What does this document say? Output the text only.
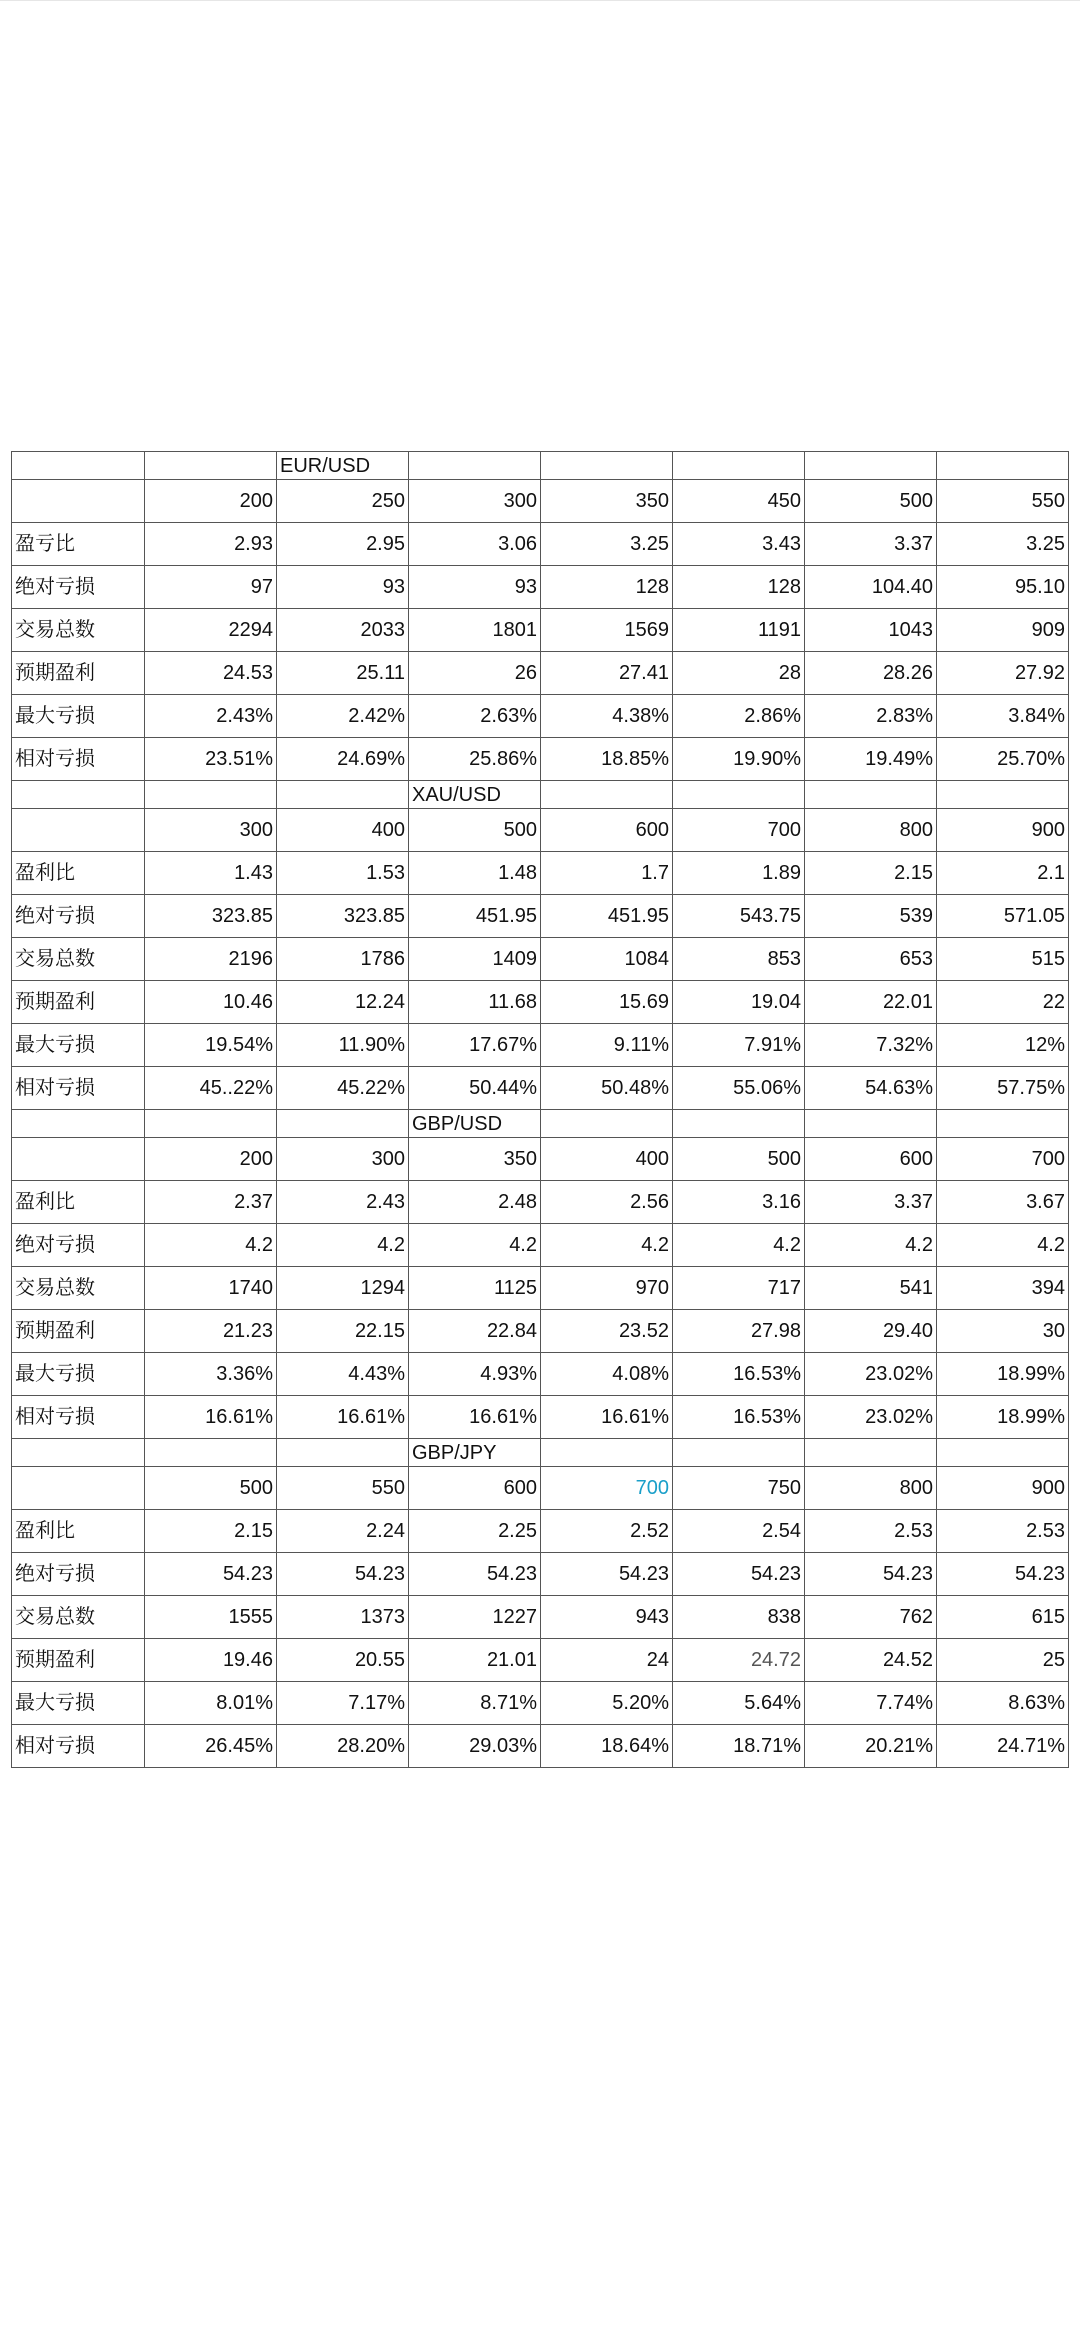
		EUR/USD					
	200	250	300	350	450	500	550
盈亏比	2.93	2.95	3.06	3.25	3.43	3.37	3.25
绝对亏损	97	93	93	128	128	104.40	95.10
交易总数	2294	2033	1801	1569	1191	1043	909
预期盈利	24.53	25.11	26	27.41	28	28.26	27.92
最大亏损	2.43%	2.42%	2.63%	4.38%	2.86%	2.83%	3.84%
相对亏损	23.51%	24.69%	25.86%	18.85%	19.90%	19.49%	25.70%
			XAU/USD				
	300	400	500	600	700	800	900
盈利比	1.43	1.53	1.48	1.7	1.89	2.15	2.1
绝对亏损	323.85	323.85	451.95	451.95	543.75	539	571.05
交易总数	2196	1786	1409	1084	853	653	515
预期盈利	10.46	12.24	11.68	15.69	19.04	22.01	22
最大亏损	19.54%	11.90%	17.67%	9.11%	7.91%	7.32%	12%
相对亏损	45..22%	45.22%	50.44%	50.48%	55.06%	54.63%	57.75%
			GBP/USD				
	200	300	350	400	500	600	700
盈利比	2.37	2.43	2.48	2.56	3.16	3.37	3.67
绝对亏损	4.2	4.2	4.2	4.2	4.2	4.2	4.2
交易总数	1740	1294	1125	970	717	541	394
预期盈利	21.23	22.15	22.84	23.52	27.98	29.40	30
最大亏损	3.36%	4.43%	4.93%	4.08%	16.53%	23.02%	18.99%
相对亏损	16.61%	16.61%	16.61%	16.61%	16.53%	23.02%	18.99%
			GBP/JPY				
	500	550	600	700	750	800	900
盈利比	2.15	2.24	2.25	2.52	2.54	2.53	2.53
绝对亏损	54.23	54.23	54.23	54.23	54.23	54.23	54.23
交易总数	1555	1373	1227	943	838	762	615
预期盈利	19.46	20.55	21.01	24	24.72	24.52	25
最大亏损	8.01%	7.17%	8.71%	5.20%	5.64%	7.74%	8.63%
相对亏损	26.45%	28.20%	29.03%	18.64%	18.71%	20.21%	24.71%
